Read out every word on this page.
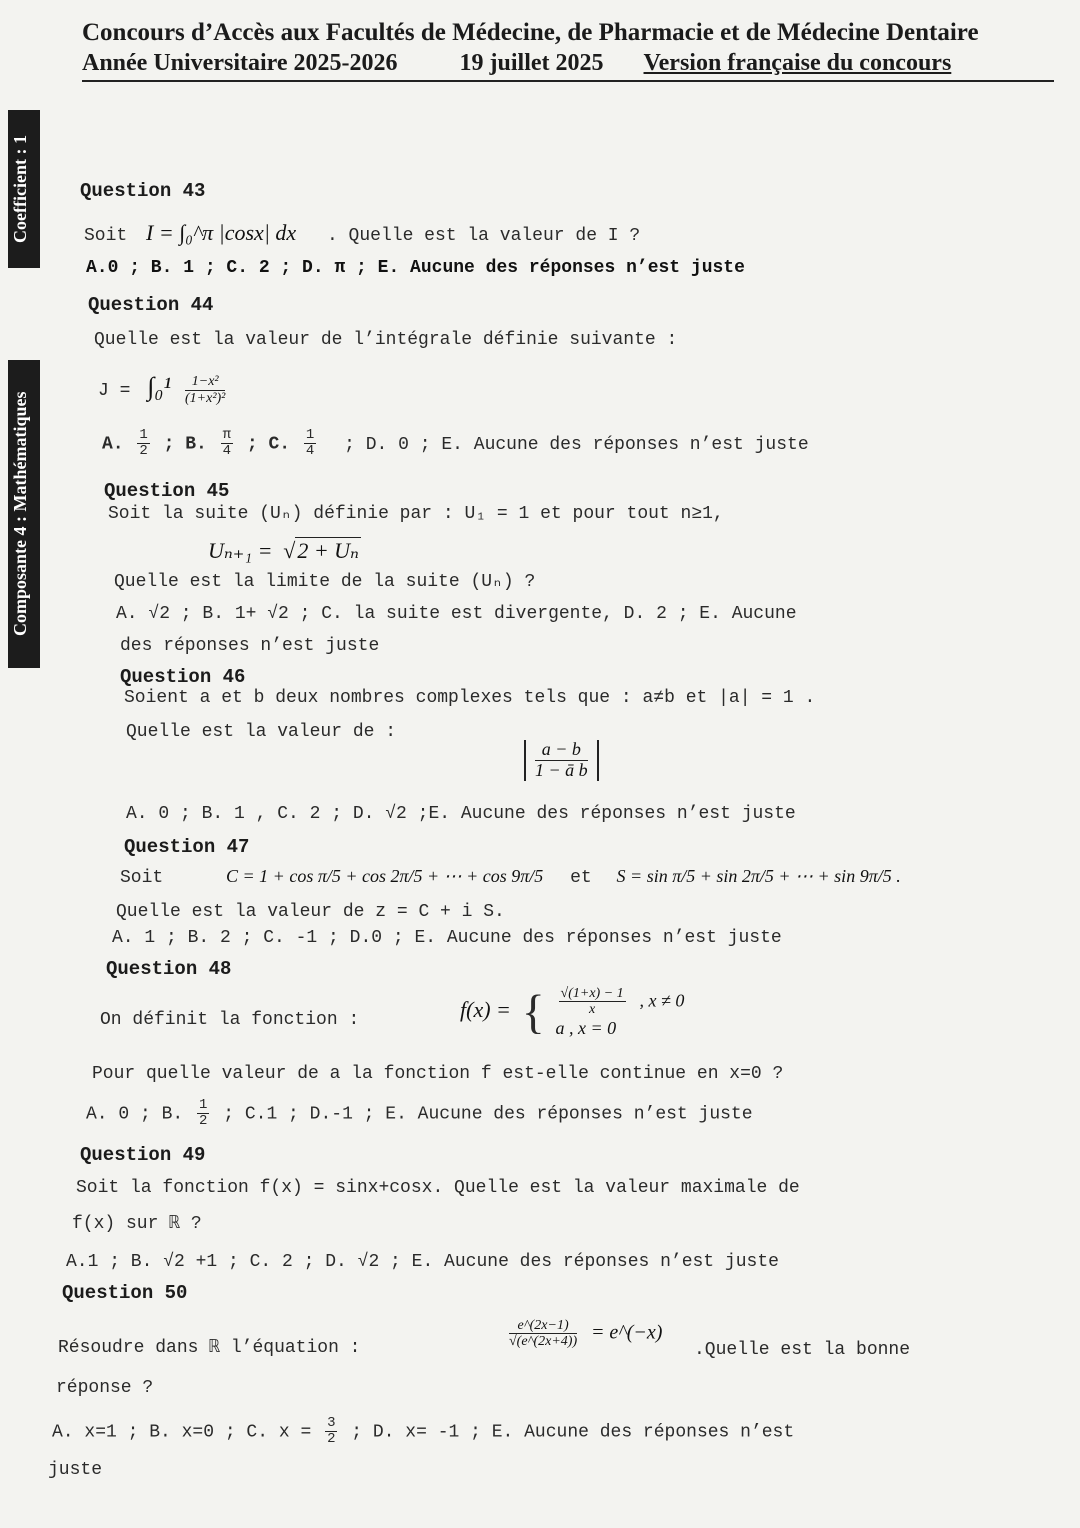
Concours d’Accès aux Facultés de Médecine, de Pharmacie et de Médecine Dentaire
Année Universitaire 2025-2026	19 juillet 2025 Version française du concours
Coefficient : 1
Composante 4 : Mathématiques
Question 43
Soit I = ∫₀^π |cosx| dx . Quelle est la valeur de I ?
A.0 ; B. 1 ; C. 2 ; D. π ; E. Aucune des réponses n’est juste
Question 44
Quelle est la valeur de l’intégrale définie suivante :
$J = \int_0^1 \frac{\text{1−x²}}{\text{(1+x²)²}}$
A. $\frac{1}{2}$ ; B. $\frac{\pi}{4}$ ; C. $\frac{1}{4}$ ; D. 0 ; E. Aucune des réponses n’est juste
Question 45
Soit la suite (Uₙ) définie par : U₁ = 1 et pour tout n≥1,
Uₙ₊₁ = √2 + Uₙ
Quelle est la limite de la suite (Uₙ) ?
A. √2 ; B. 1+ √2 ; C. la suite est divergente, D. 2 ; E. Aucune
des réponses n’est juste
Question 46
Soient a et b deux nombres complexes tels que : a≠b et |a| = 1 .
Quelle est la valeur de :
$\frac{a - b}{\text{1 − ā b}}$
A. 0 ; B. 1 , C. 2 ; D. √2 ;E. Aucune des réponses n’est juste
Question 47
Soit	C = 1 + cos π/5 + cos 2π/5 + ⋯ + cos 9π/5 et S = sin π/5 + sin 2π/5 + ⋯ + sin 9π/5 .
Quelle est la valeur de z = C + i S.
A. 1 ; B. 2 ; C. -1 ; D.0 ; E. Aucune des réponses n’est juste
Question 48
On définit la fonction :	f(x) = { $\frac{√(1+x) - 1}{x}$ , x ≠ 0
a , x = 0
Pour quelle valeur de a la fonction f est-elle continue en x=0 ?
A. 0 ; B. $\frac{1}{2}$ ; C.1 ; D.-1 ; E. Aucune des réponses n’est juste
Question 49
Soit la fonction f(x) = sinx+cosx. Quelle est la valeur maximale de
f(x) sur ℝ ?
A.1 ; B. √2 +1 ; C. 2 ; D. √2 ; E. Aucune des réponses n’est juste
Question 50
Résoudre dans ℝ l’équation :	$\frac{e\^{}(2x-1)}{√(e\^{}(2x+4))}$ = e^(−x)
.Quelle est la bonne
réponse ?
A. x=1 ; B. x=0 ; C. $x = \frac{3}{2}$ ; D. x= -1 ; E. Aucune des réponses n’est
juste
